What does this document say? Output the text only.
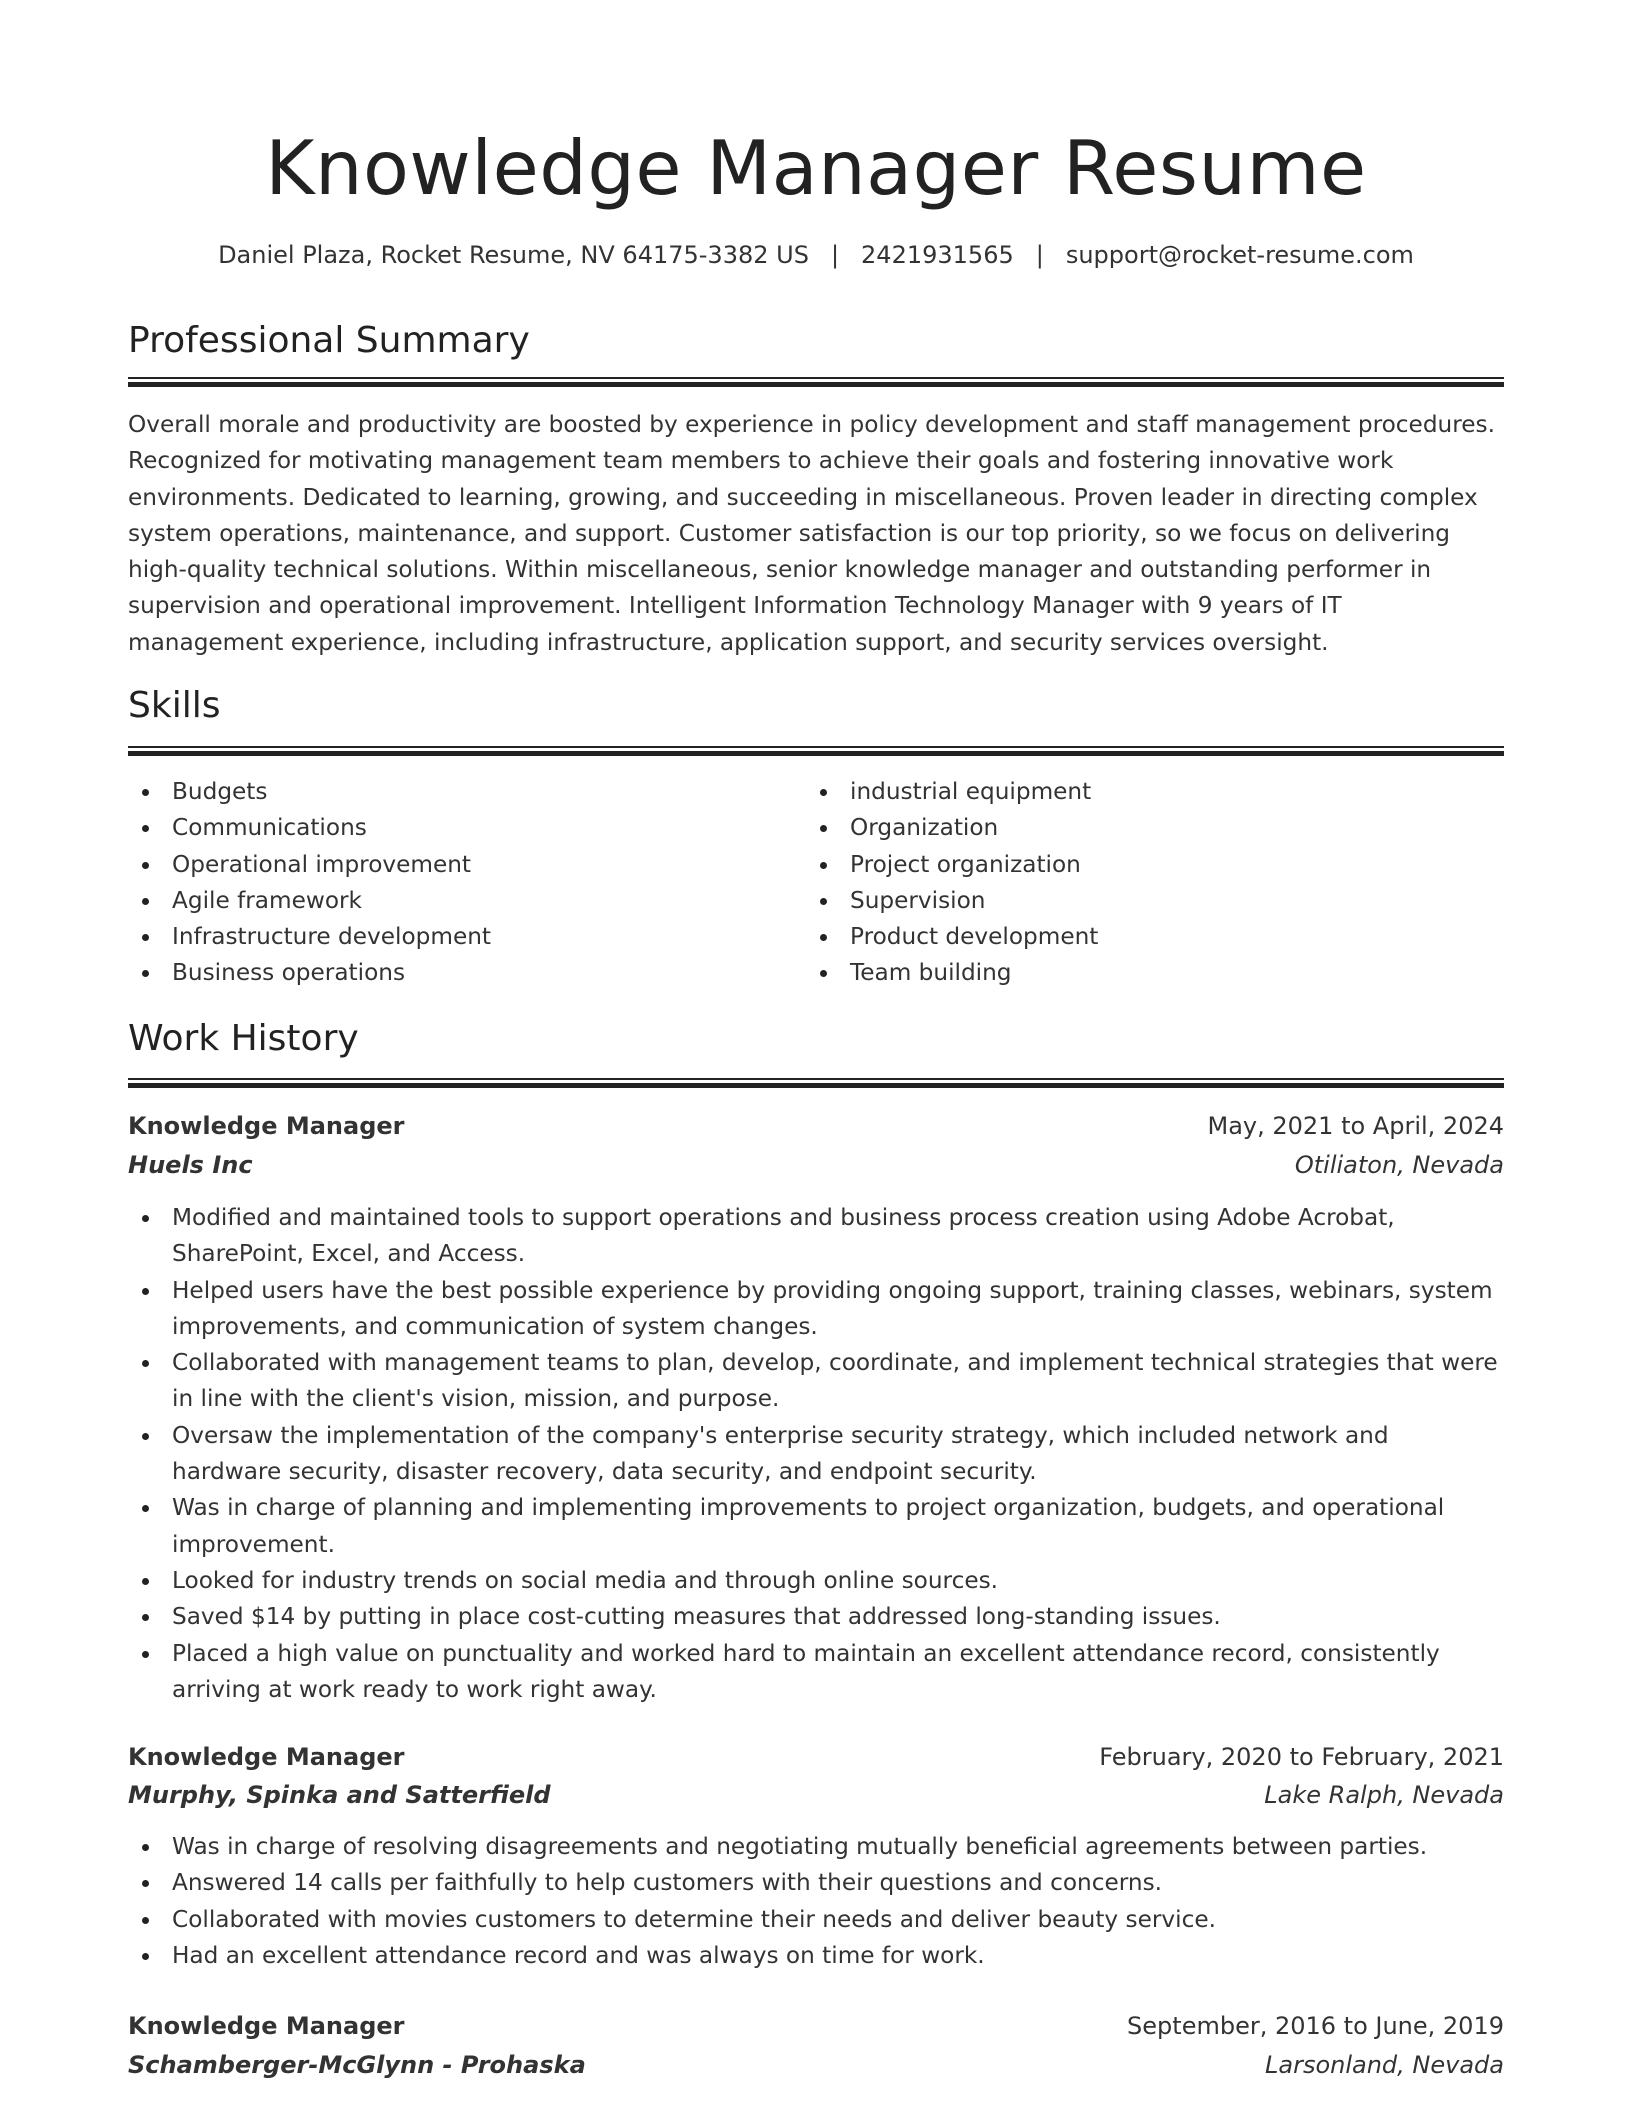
Knowledge Manager Resume
Daniel Plaza, Rocket Resume, NV 64175-3382 US | 2421931565 | support@rocket-resume.com
Professional Summary
Overall morale and productivity are boosted by experience in policy development and staff management procedures. Recognized for motivating management team members to achieve their goals and fostering innovative work environments. Dedicated to learning, growing, and succeeding in miscellaneous. Proven leader in directing complex system operations, maintenance, and support. Customer satisfaction is our top priority, so we focus on delivering high-quality technical solutions. Within miscellaneous, senior knowledge manager and outstanding performer in supervision and operational improvement. Intelligent Information Technology Manager with 9 years of IT management experience, including infrastructure, application support, and security services oversight.
Skills
Budgets
Communications
Operational improvement
Agile framework
Infrastructure development
Business operations
industrial equipment
Organization
Project organization
Supervision
Product development
Team building
Work History
Knowledge Manager	May, 2021 to April, 2024
Huels Inc	Otiliaton, Nevada
Modified and maintained tools to support operations and business process creation using Adobe Acrobat, SharePoint, Excel, and Access.
Helped users have the best possible experience by providing ongoing support, training classes, webinars, system improvements, and communication of system changes.
Collaborated with management teams to plan, develop, coordinate, and implement technical strategies that were in line with the client's vision, mission, and purpose.
Oversaw the implementation of the company's enterprise security strategy, which included network and hardware security, disaster recovery, data security, and endpoint security.
Was in charge of planning and implementing improvements to project organization, budgets, and operational improvement.
Looked for industry trends on social media and through online sources.
Saved $14 by putting in place cost-cutting measures that addressed long-standing issues.
Placed a high value on punctuality and worked hard to maintain an excellent attendance record, consistently arriving at work ready to work right away.
Knowledge Manager	February, 2020 to February, 2021
Murphy, Spinka and Satterfield	Lake Ralph, Nevada
Was in charge of resolving disagreements and negotiating mutually beneficial agreements between parties.
Answered 14 calls per faithfully to help customers with their questions and concerns.
Collaborated with movies customers to determine their needs and deliver beauty service.
Had an excellent attendance record and was always on time for work.
Knowledge Manager	September, 2016 to June, 2019
Schamberger-McGlynn - Prohaska	Larsonland, Nevada
